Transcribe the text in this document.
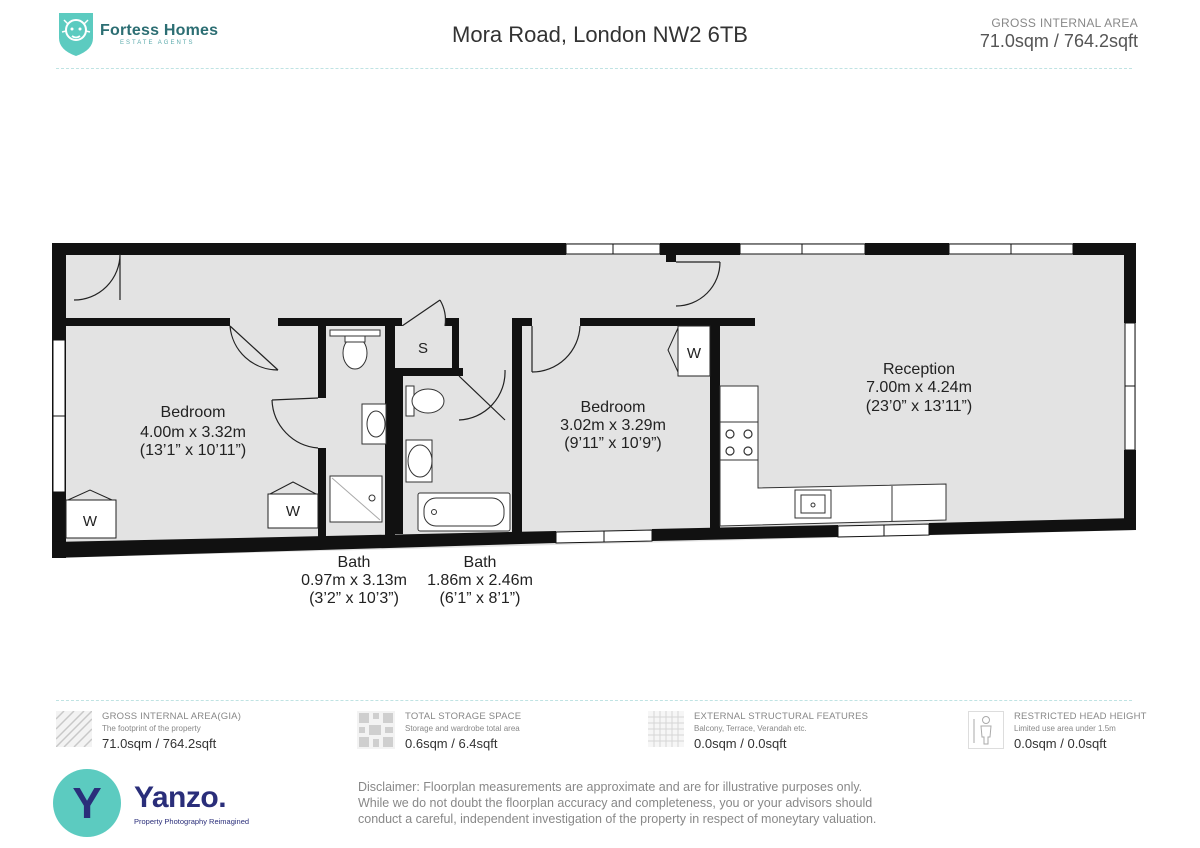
Fortess Homes
ESTATE AGENTS	Mora Road, London NW2 6TB	GROSS INTERNAL AREA
71.0sqm / 764.2sqft
S
W
W
W
Bedroom
4.00m x 3.32m
(13’1” x 10’11”)
Bedroom
3.02m x 3.29m
(9’11” x 10’9”)
Reception
7.00m x 4.24m
(23’0” x 13’11”)
Bath
0.97m x 3.13m
(3’2” x 10’3”)
Bath
1.86m x 2.46m
(6’1” x 8’1”)
GROSS INTERNAL AREA(GIA)
The footprint of the property
71.0sqm / 764.2sqft
TOTAL STORAGE SPACE
Storage and wardrobe total area
0.6sqm / 6.4sqft
EXTERNAL STRUCTURAL FEATURES
Balcony, Terrace, Verandah etc.
0.0sqm / 0.0sqft
RESTRICTED HEAD HEIGHT
Limited use area under 1.5m
0.0sqm / 0.0sqft
Y Yanzo.
Property Photography Reimagined
Disclaimer: Floorplan measurements are approximate and are for illustrative purposes only.
While we do not doubt the floorplan accuracy and completeness, you or your advisors should
conduct a careful, independent investigation of the property in respect of moneytary valuation.
